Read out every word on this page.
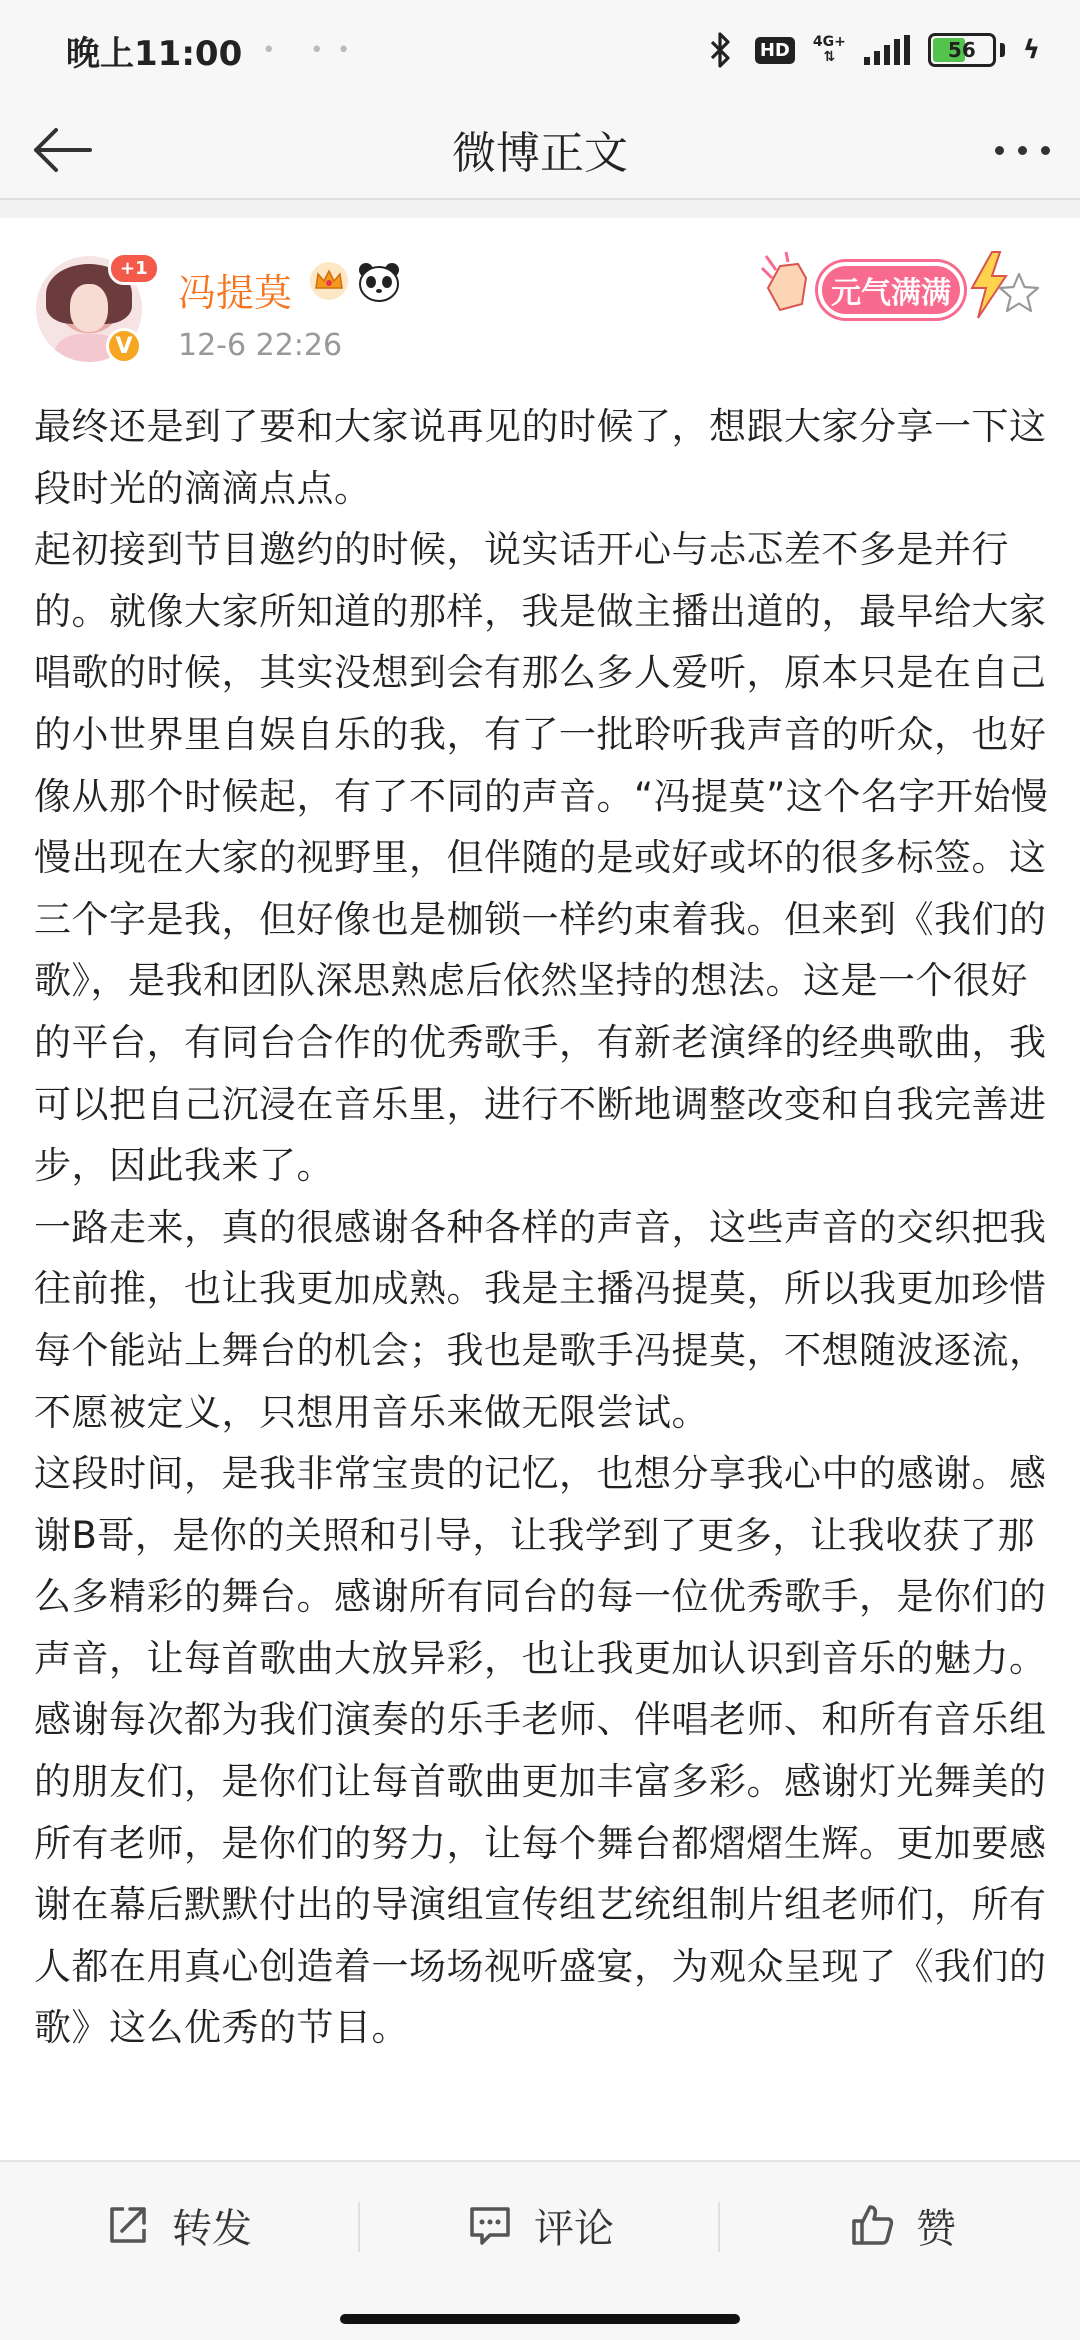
晚上11:00 • ••	HD	4G+
⇅	56	ϟ
微博正文
+1
V
冯提莫
12-6 22:26
元气满满

最终还是到了要和大家说再见的时候了，想跟大家分享一下这段时光的滴滴点点。

起初接到节目邀约的时候，说实话开心与忐忑差不多是并行的。就像大家所知道的那样，我是做主播出道的，最早给大家唱歌的时候，其实没想到会有那么多人爱听，原本只是在自己的小世界里自娱自乐的我，有了一批聆听我声音的听众，也好像从那个时候起，有了不同的声音。“冯提莫”这个名字开始慢慢出现在大家的视野里，但伴随的是或好或坏的很多标签。这三个字是我，但好像也是枷锁一样约束着我。但来到《我们的歌》，是我和团队深思熟虑后依然坚持的想法。这是一个很好的平台，有同台合作的优秀歌手，有新老演绎的经典歌曲，我可以把自己沉浸在音乐里，进行不断地调整改变和自我完善进步，因此我来了。

一路走来，真的很感谢各种各样的声音，这些声音的交织把我往前推，也让我更加成熟。我是主播冯提莫，所以我更加珍惜每个能站上舞台的机会；我也是歌手冯提莫，不想随波逐流，不愿被定义，只想用音乐来做无限尝试。

这段时间，是我非常宝贵的记忆，也想分享我心中的感谢。感谢B哥，是你的关照和引导，让我学到了更多，让我收获了那么多精彩的舞台。感谢所有同台的每一位优秀歌手，是你们的声音，让每首歌曲大放异彩，也让我更加认识到音乐的魅力。感谢每次都为我们演奏的乐手老师、伴唱老师、和所有音乐组的朋友们，是你们让每首歌曲更加丰富多彩。感谢灯光舞美的所有老师，是你们的努力，让每个舞台都熠熠生辉。更加要感谢在幕后默默付出的导演组宣传组艺统组制片组老师们，所有人都在用真心创造着一场场视听盛宴，为观众呈现了《我们的歌》这么优秀的节目。

转发	评论	赞
